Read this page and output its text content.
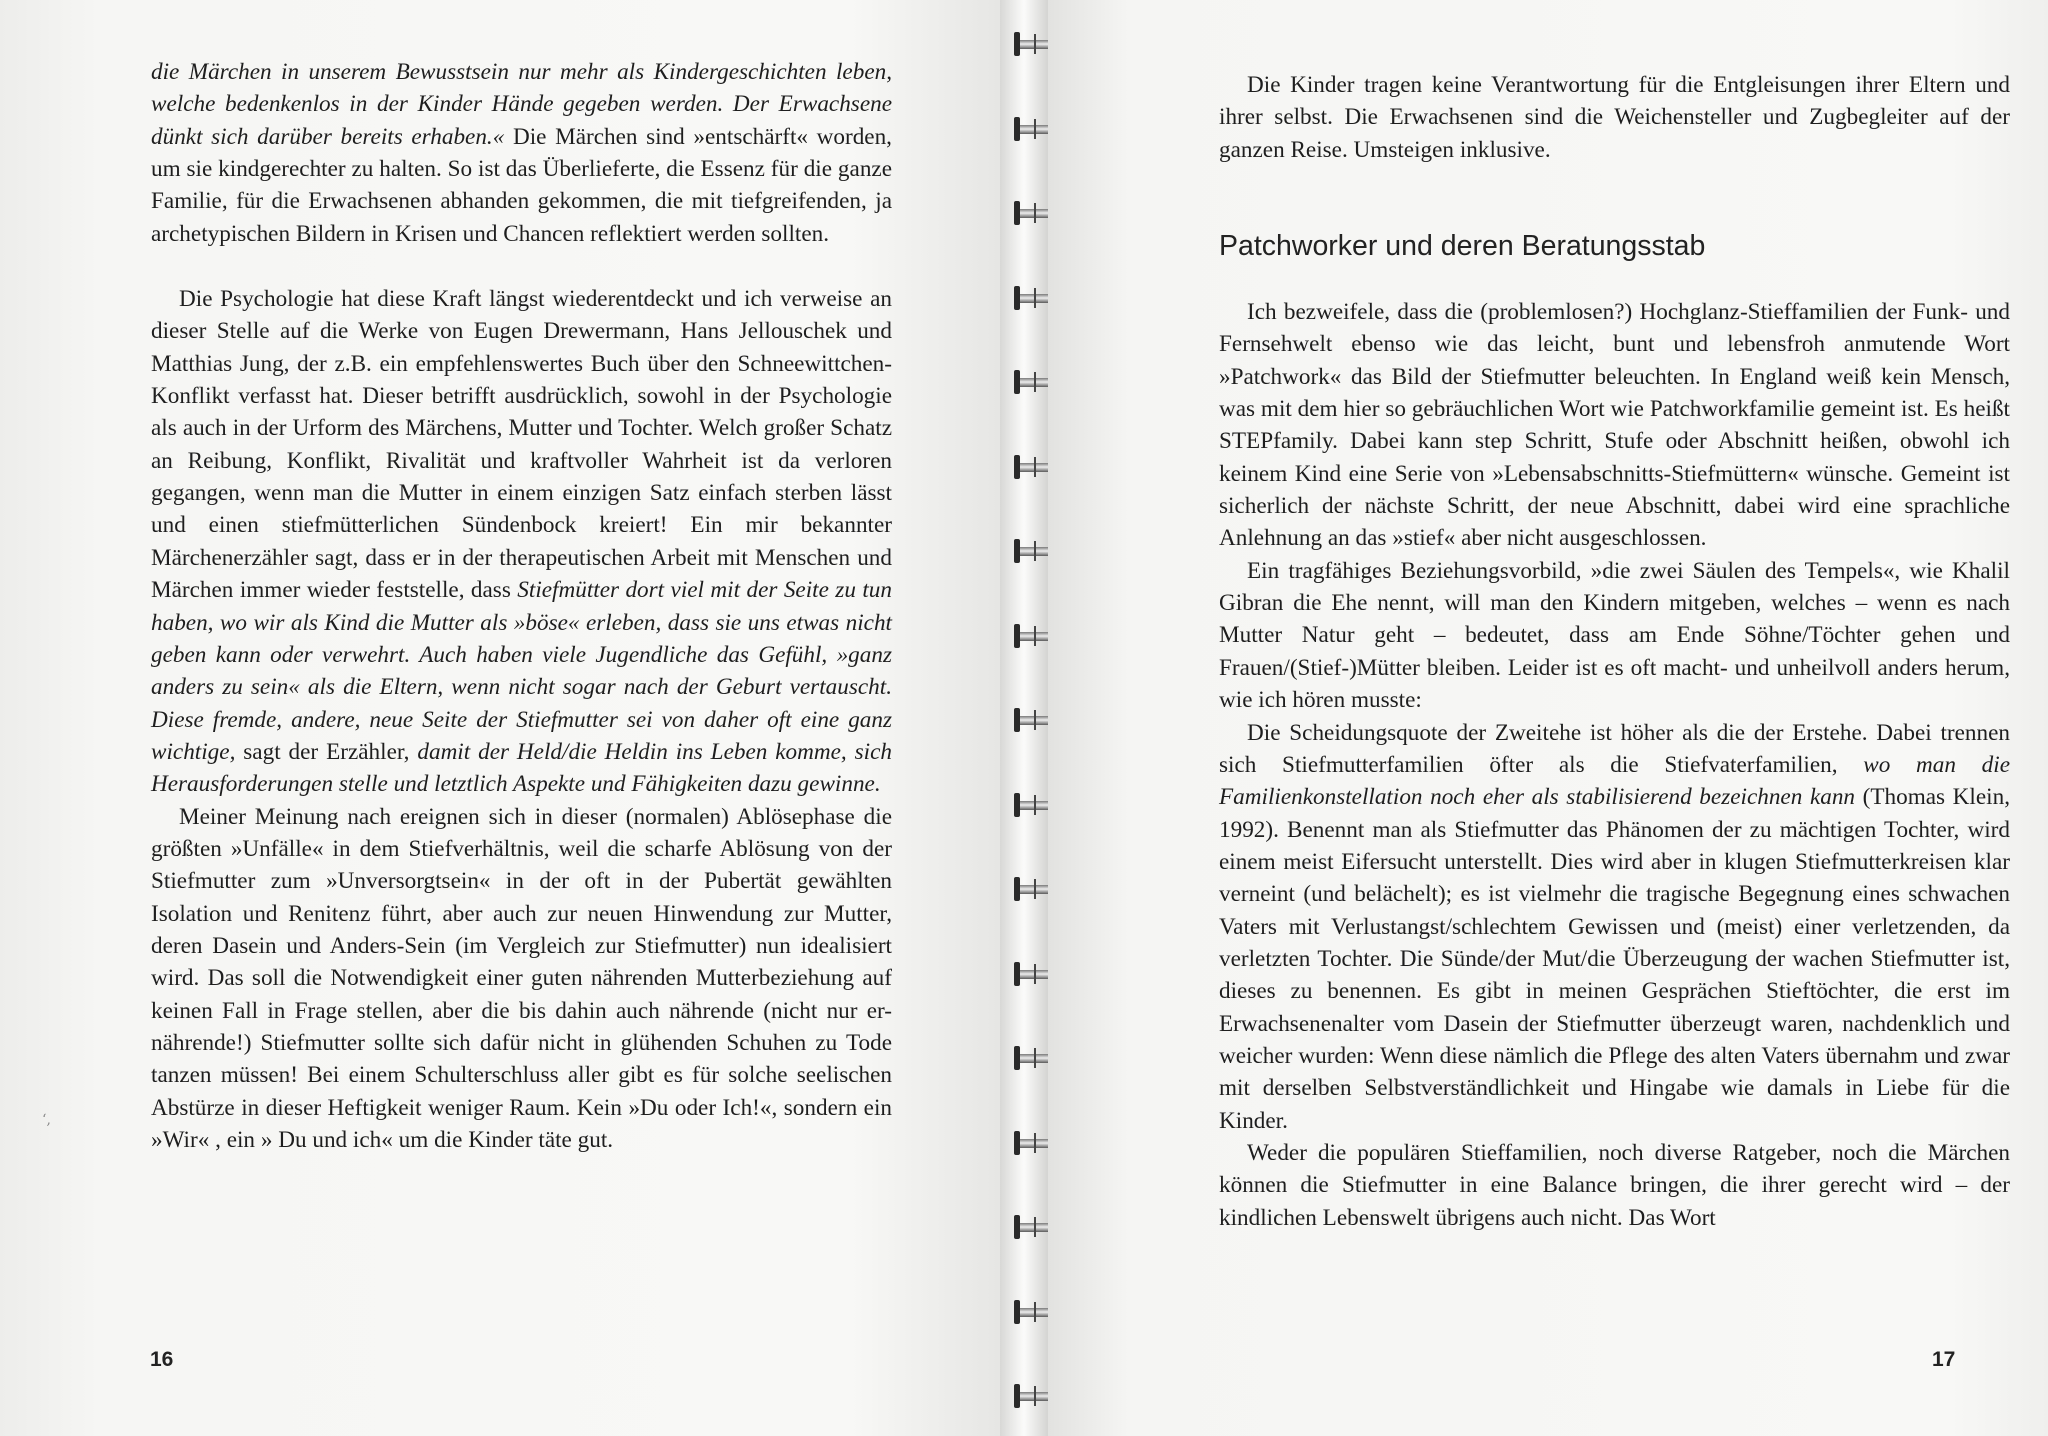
die Märchen in unserem Bewusstsein nur mehr als Kindergeschichten leben, welche bedenkenlos in der Kinder Hände gegeben werden. Der Erwachsene dünkt sich darüber bereits erhaben.« Die Märchen sind »entschärft« worden, um sie kindgerechter zu halten. So ist das Überlieferte, die Essenz für die ganze Familie, für die Erwachsenen abhanden gekommen, die mit tiefgreifenden, ja archetypischen Bildern in Krisen und Chancen reflektiert werden sollten.

Die Psychologie hat diese Kraft längst wiederentdeckt und ich verweise an dieser Stelle auf die Werke von Eugen Drewermann, Hans Jellouschek und Matthias Jung, der z.B. ein empfehlenswertes Buch über den Schneewittchen-Konflikt verfasst hat. Dieser betrifft ausdrücklich, sowohl in der Psychologie als auch in der Urform des Märchens, Mutter und Tochter. Welch großer Schatz an Reibung, Konflikt, Rivalität und kraftvoller Wahrheit ist da verloren gegangen, wenn man die Mutter in einem einzigen Satz einfach sterben lässt und einen stiefmütterlichen Sündenbock kreiert! Ein mir bekannter Märchenerzähler sagt, dass er in der therapeutischen Arbeit mit Menschen und Märchen immer wieder feststelle, dass Stiefmütter dort viel mit der Seite zu tun haben, wo wir als Kind die Mutter als »böse« erleben, dass sie uns etwas nicht geben kann oder verwehrt. Auch haben viele Jugendliche das Gefühl, »ganz anders zu sein« als die Eltern, wenn nicht sogar nach der Geburt vertauscht. Diese fremde, andere, neue Seite der Stiefmutter sei von daher oft eine ganz wichtige, sagt der Erzähler, damit der Held/die Heldin ins Leben komme, sich Herausforderungen stelle und letztlich Aspekte und Fähigkeiten dazu gewinne.

Meiner Meinung nach ereignen sich in dieser (normalen) Ablösephase die größten »Unfälle« in dem Stiefverhältnis, weil die scharfe Ablösung von der Stiefmutter zum »Unversorgtsein« in der oft in der Pubertät gewählten Isolation und Renitenz führt, aber auch zur neuen Hinwendung zur Mutter, deren Dasein und Anders-Sein (im Vergleich zur Stiefmutter) nun idealisiert wird. Das soll die Notwendigkeit einer guten nährenden Mutterbeziehung auf keinen Fall in Frage stellen, aber die bis dahin auch nährende (nicht nur er-nährende!) Stiefmutter sollte sich dafür nicht in glühenden Schuhen zu Tode tanzen müssen! Bei einem Schulterschluss aller gibt es für solche seelischen Abstürze in dieser Heftigkeit weniger Raum. Kein »Du oder Ich!«, sondern ein »Wir« , ein » Du und ich« um die Kinder täte gut.

16
‘,

Die Kinder tragen keine Verantwortung für die Entgleisungen ihrer Eltern und ihrer selbst. Die Erwachsenen sind die Weichensteller und Zugbegleiter auf der ganzen Reise. Umsteigen inklusive.

Patchworker und deren Beratungsstab

Ich bezweifele, dass die (problemlosen?) Hochglanz-Stieffamilien der Funk- und Fernsehwelt ebenso wie das leicht, bunt und lebensfroh anmutende Wort »Patchwork« das Bild der Stiefmutter beleuchten. In England weiß kein Mensch, was mit dem hier so gebräuchlichen Wort wie Patchworkfamilie gemeint ist. Es heißt STEPfamily. Dabei kann step Schritt, Stufe oder Abschnitt heißen, obwohl ich keinem Kind eine Serie von »Lebensabschnitts-Stiefmüttern« wünsche. Gemeint ist sicherlich der nächste Schritt, der neue Abschnitt, dabei wird eine sprachliche Anlehnung an das »stief« aber nicht ausgeschlossen.

Ein tragfähiges Beziehungsvorbild, »die zwei Säulen des Tempels«, wie Khalil Gibran die Ehe nennt, will man den Kindern mitgeben, welches – wenn es nach Mutter Natur geht – bedeutet, dass am Ende Söhne/Töchter gehen und Frauen/(Stief-)Mütter bleiben. Leider ist es oft macht- und unheilvoll anders herum, wie ich hören musste:

Die Scheidungsquote der Zweitehe ist höher als die der Erstehe. Dabei trennen sich Stiefmutterfamilien öfter als die Stiefvaterfamilien, wo man die Familienkonstellation noch eher als stabilisierend bezeichnen kann (Thomas Klein, 1992). Benennt man als Stiefmutter das Phänomen der zu mächtigen Tochter, wird einem meist Eifersucht unterstellt. Dies wird aber in klugen Stiefmutterkreisen klar verneint (und belächelt); es ist vielmehr die tragische Begegnung eines schwachen Vaters mit Verlustangst/schlechtem Gewissen und (meist) einer verletzenden, da verletzten Tochter. Die Sünde/der Mut/die Überzeugung der wachen Stiefmutter ist, dieses zu benennen. Es gibt in meinen Gesprächen Stieftöchter, die erst im Erwachsenenalter vom Dasein der Stiefmutter überzeugt waren, nachdenklich und weicher wurden: Wenn diese nämlich die Pflege des alten Vaters übernahm und zwar mit derselben Selbstverständlichkeit und Hingabe wie damals in Liebe für die Kinder.

Weder die populären Stieffamilien, noch diverse Ratgeber, noch die Märchen können die Stiefmutter in eine Balance bringen, die ihrer gerecht wird – der kindlichen Lebenswelt übrigens auch nicht. Das Wort

17
